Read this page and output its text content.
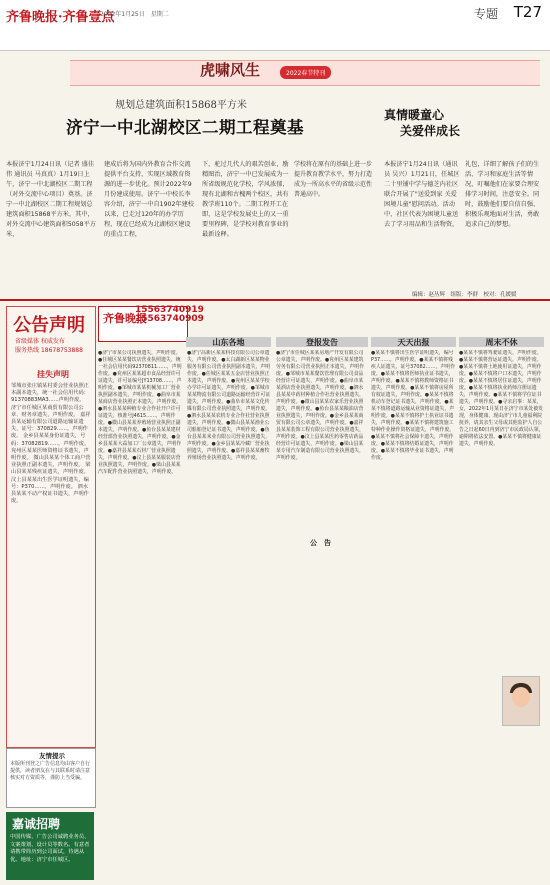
齐鲁晚报·齐鲁壹点
2022年1月25日　星期二	专题 T27
虎啸风生	2022春节特刊
规划总建筑面积15868平方米
济宁一中北湖校区二期工程奠基
本报济宁1月24日讯（记者 盛佳伟 通讯员 马真真）1月19日上午，济宁一中北湖校区二期工程（对外交流中心项目）奠基。济宁一中北湖校区二期工程规划总建筑面积15868平方米，其中，对外交流中心建筑面积5058平方米，
建成后将为国内外教育合作交流提供平台支持，实现区域教育资源的进一步优化。预计2022年9月份建成使用。济宁一中校长李容介绍，济宁一中自1902年建校以来，已走过120年的办学历程，现在已经成为北湖校区建设的重点工程，
下，驼过几代人的艰苦创业，励精图治，济宁一中已发展成为一所省级规范化学校，学风浓郁，现有北湖和古槐两个校区，共有教学班110个。二期工程开工在即，这是学校发展史上的又一重要里程碑，是学校对教育事业的最新诠释。
学校将在原有的基础上进一步提升教育教学水平，努力打造成为一所高水平的省级示范性普通高中。
真情暖童心
关爱伴成长
本报济宁1月24日讯（通讯员 吴兴）1月21日，任城区二十里铺中学与德芝内社区联合开展了"送爱到家 关爱困境儿童"慰问活动。活动中，社区代表为困境儿童送去了学习用品和生活物资，
礼包，详细了解孩子们的生活、学习和家庭生活等情况，叮嘱他们在家要合理安排学习时间，注意安全。同时，鼓励他们要自信自强、积极乐观地面对生活，勇敢追求自己的梦想。
编辑：赵丛辉　组版：李群　校对：孔媛媛
公告声明
省级媒体 权威发布
服务热线 18678753888
挂失声明
邹城市张庄镇某村委会营业执照正本副本遗失，统一社会信用代码：91370883MA3......声明作废。 济宁市任城区某商贸有限公司公章、财务章遗失，声明作废。 嘉祥县某运输有限公司道路运输证遗失，证号：370829……，声明作废。 金乡县某某身份证遗失，号码：37082819……，声明作废。 兖州区某某医师资格证书遗失，声明作废。 微山县某某个体工商户营业执照正副本遗失，声明作废。 梁山县某某残疾证遗失，声明作废。 汶上县某某出生医学证明遗失，编号：P370……，声明作废。 泗水县某某不动产权证书遗失，声明作废。
友情提示
本版所刊登之广告信息均由客户自行提供，读者朋友在与其联系时请注意核实对方资质等，谨防上当受骗。
嘉诚招聘
中国传媒、广告公司诚聘业务员、文案策划、设计员等数名。有意者请携带简历到公司面试，待遇从优。地址：济宁市任城区。
齐鲁晚报
15563740919
15563740909
山东各地	登报发告	天天出报	周末不休
●济宁市某公司执照遗失，声明作废。●任城区某某餐饮店营业执照遗失，统一社会信用代码92370811……，声明作废。●兖州区某某超市食品经营许可证遗失，许可证编号JY13708……，声明作废。●邹城市某某机械加工厂营业执照副本遗失，声明作废。●曲阜市某某商店营业执照正本遗失，声明作废。●泗水县某某种植专业合作社开户许可证遗失，核准号J4615……，声明作废。●微山县某某养殖场营业执照正副本遗失，声明作废。●鱼台县某某建材经营部营业执照遗失，声明作废。●金乡县某某大蒜加工厂公章遗失，声明作废。●嘉祥县某某石材厂营业执照遗失，声明作废。●汶上县某某服装店营业执照遗失，声明作废。●梁山县某某汽车配件营业执照遗失，声明作废。
●济宁高新区某某科技有限公司公章遗失，声明作废。●太白湖新区某某物业服务有限公司营业执照副本遗失，声明作废。●任城区某某五金店营业执照正本遗失，声明作废。●兖州区某某学校办学许可证遗失，声明作废。●邹城市某某物流有限公司道路运输经营许可证遗失，声明作废。●曲阜市某某文化传媒有限公司营业执照遗失，声明作废。●泗水县某某农机专业合作社营业执照遗失，声明作废。●微山县某某渔业公司船舶登记证书遗失，声明作废。●鱼台县某某米业有限公司营业执照遗失，声明作废。●金乡县某某冷藏厂营业执照遗失，声明作废。●嘉祥县某某畜牧养殖场营业执照遗失，声明作废。
●济宁市任城区某某房地产开发有限公司公章遗失，声明作废。●兖州区某某建筑劳务有限公司营业执照正本遗失，声明作废。●邹城市某某餐饮管理有限公司食品经营许可证遗失，声明作废。●曲阜市某某酒店营业执照遗失，声明作废。●泗水县某某中药材种植合作社营业执照遗失，声明作废。●微山县某某农家乐营业执照遗失，声明作废。●鱼台县某某粮油店营业执照遗失，声明作废。●金乡县某某商贸有限公司公章遗失，声明作废。●嘉祥县某某装饰工程有限公司营业执照遗失，声明作废。●汶上县某某医药零售店药品经营许可证遗失，声明作废。●梁山县某某专用汽车制造有限公司营业执照遗失，声明作废。
●某某不慎将出生医学证明遗失，编号P37……，声明作废。●某某不慎将残疾人证遗失，证号37082……，声明作废。●某某不慎将医师执业证书遗失，声明作废。●某某不慎将教师资格证书遗失，声明作废。●某某不慎将房屋所有权证遗失，声明作废。●某某不慎将机动车登记证书遗失，声明作废。●某某不慎将道路运输从业资格证遗失，声明作废。●某某不慎将护士执业证书遗失，声明作废。●某某不慎将建筑施工特种作业操作资格证遗失，声明作废。●某某不慎将社会保障卡遗失，声明作废。●某某不慎将结婚证遗失，声明作废。●某某不慎将毕业证书遗失，声明作废。
●某某不慎将驾驶证遗失，声明作废。●某某不慎将营运证遗失，声明作废。●某某不慎将土地使用证遗失，声明作废。●某某不慎将户口本遗失，声明作废。●某某不慎将居住证遗失，声明作废。●某某不慎将执业药师注册证遗失，声明作废。●某某不慎将学位证书遗失，声明作废。●寻亲启事：某某，女，2022年1月某日在济宁市某处被发现，身体健康，现由济宁市儿童福利院抚养，请其亲生父母或其他监护人自公告之日起60日内到济宁市民政局认领，逾期将依法安置。●某某不慎将健康证遗失，声明作废。
公　告
